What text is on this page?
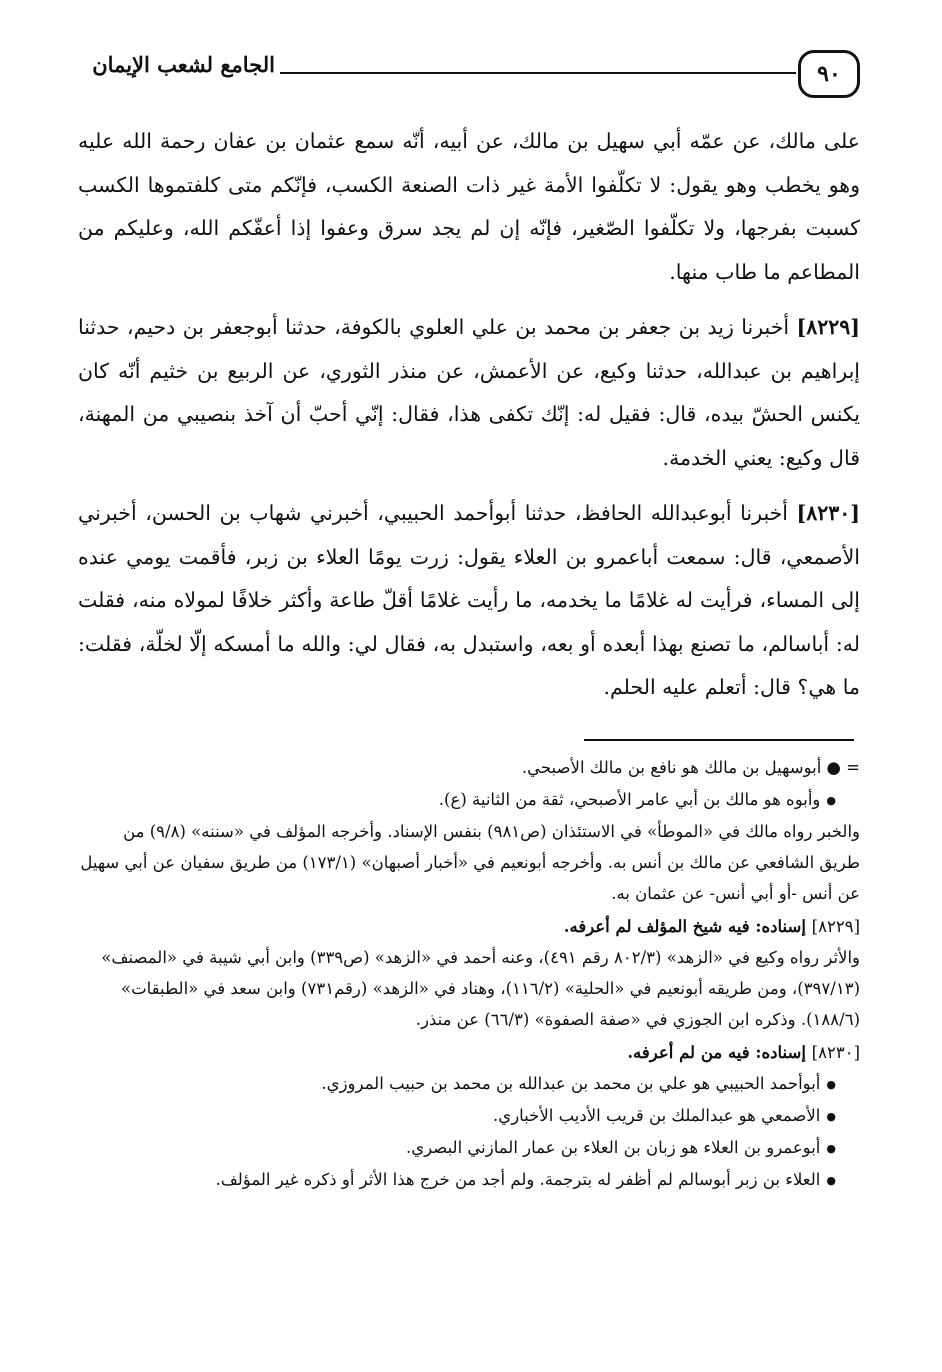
٩٠
الجامع لشعب الإيمان

على مالك، عن عمّه أبي سهيل بن مالك، عن أبيه، أنّه سمع عثمان بن عفان رحمة الله عليه وهو يخطب وهو يقول: لا تكلّفوا الأمة غير ذات الصنعة الكسب، فإنّكم متى كلفتموها الكسب كسبت بفرجها، ولا تكلّفوا الصّغير، فإنّه إن لم يجد سرق وعفوا إذا أعفّكم الله، وعليكم من المطاعم ما طاب منها.

[٨٢٢٩] أخبرنا زيد بن جعفر بن محمد بن علي العلوي بالكوفة، حدثنا أبوجعفر بن دحيم، حدثنا إبراهيم بن عبدالله، حدثنا وكيع، عن الأعمش، عن منذر الثوري، عن الربيع بن خثيم أنّه كان يكنس الحشّ بيده، قال: فقيل له: إنّك تكفى هذا، فقال: إنّي أحبّ أن آخذ بنصيبي من المهنة، قال وكيع: يعني الخدمة.

[٨٢٣٠] أخبرنا أبوعبدالله الحافظ، حدثنا أبوأحمد الحبيبي، أخبرني شهاب بن الحسن، أخبرني الأصمعي، قال: سمعت أباعمرو بن العلاء يقول: زرت يومًا العلاء بن زبر، فأقمت يومي عنده إلى المساء، فرأيت له غلامًا ما يخدمه، ما رأيت غلامًا أقلّ طاعة وأكثر خلافًا لمولاه منه، فقلت له: أباسالم، ما تصنع بهذا أبعده أو بعه، واستبدل به، فقال لي: والله ما أمسكه إلّا لخلّة، فقلت: ما هي؟ قال: أتعلم عليه الحلم.

= ● أبوسهيل بن مالك هو نافع بن مالك الأصبحي.

● وأبوه هو مالك بن أبي عامر الأصبحي، ثقة من الثانية (ع).

والخبر رواه مالك في «الموطأ» في الاستئذان (ص٩٨١) بنفس الإسناد. وأخرجه المؤلف في «سننه» (٩/٨) من طريق الشافعي عن مالك بن أنس به. وأخرجه أبونعيم في «أخبار أصبهان» (١٧٣/١) من طريق سفيان عن أبي سهيل عن أنس -أو أبي أنس- عن عثمان به.

[٨٢٢٩] إسناده: فيه شيخ المؤلف لم أعرفه.

والأثر رواه وكيع في «الزهد» (٨٠٢/٣ رقم ٤٩١)، وعنه أحمد في «الزهد» (ص٣٣٩) وابن أبي شيبة في «المصنف» (٣٩٧/١٣)، ومن طريقه أبونعيم في «الحلية» (١١٦/٢)، وهناد في «الزهد» (رقم٧٣١) وابن سعد في «الطبقات» (١٨٨/٦). وذكره ابن الجوزي في «صفة الصفوة» (٦٦/٣) عن منذر.

[٨٢٣٠] إسناده: فيه من لم أعرفه.

● أبوأحمد الحبيبي هو علي بن محمد بن عبدالله بن محمد بن حبيب المروزي.
● الأصمعي هو عبدالملك بن قريب الأديب الأخباري.
● أبوعمرو بن العلاء هو زبان بن العلاء بن عمار المازني البصري.
● العلاء بن زبر أبوسالم لم أظفر له بترجمة. ولم أجد من خرج هذا الأثر أو ذكره غير المؤلف.
